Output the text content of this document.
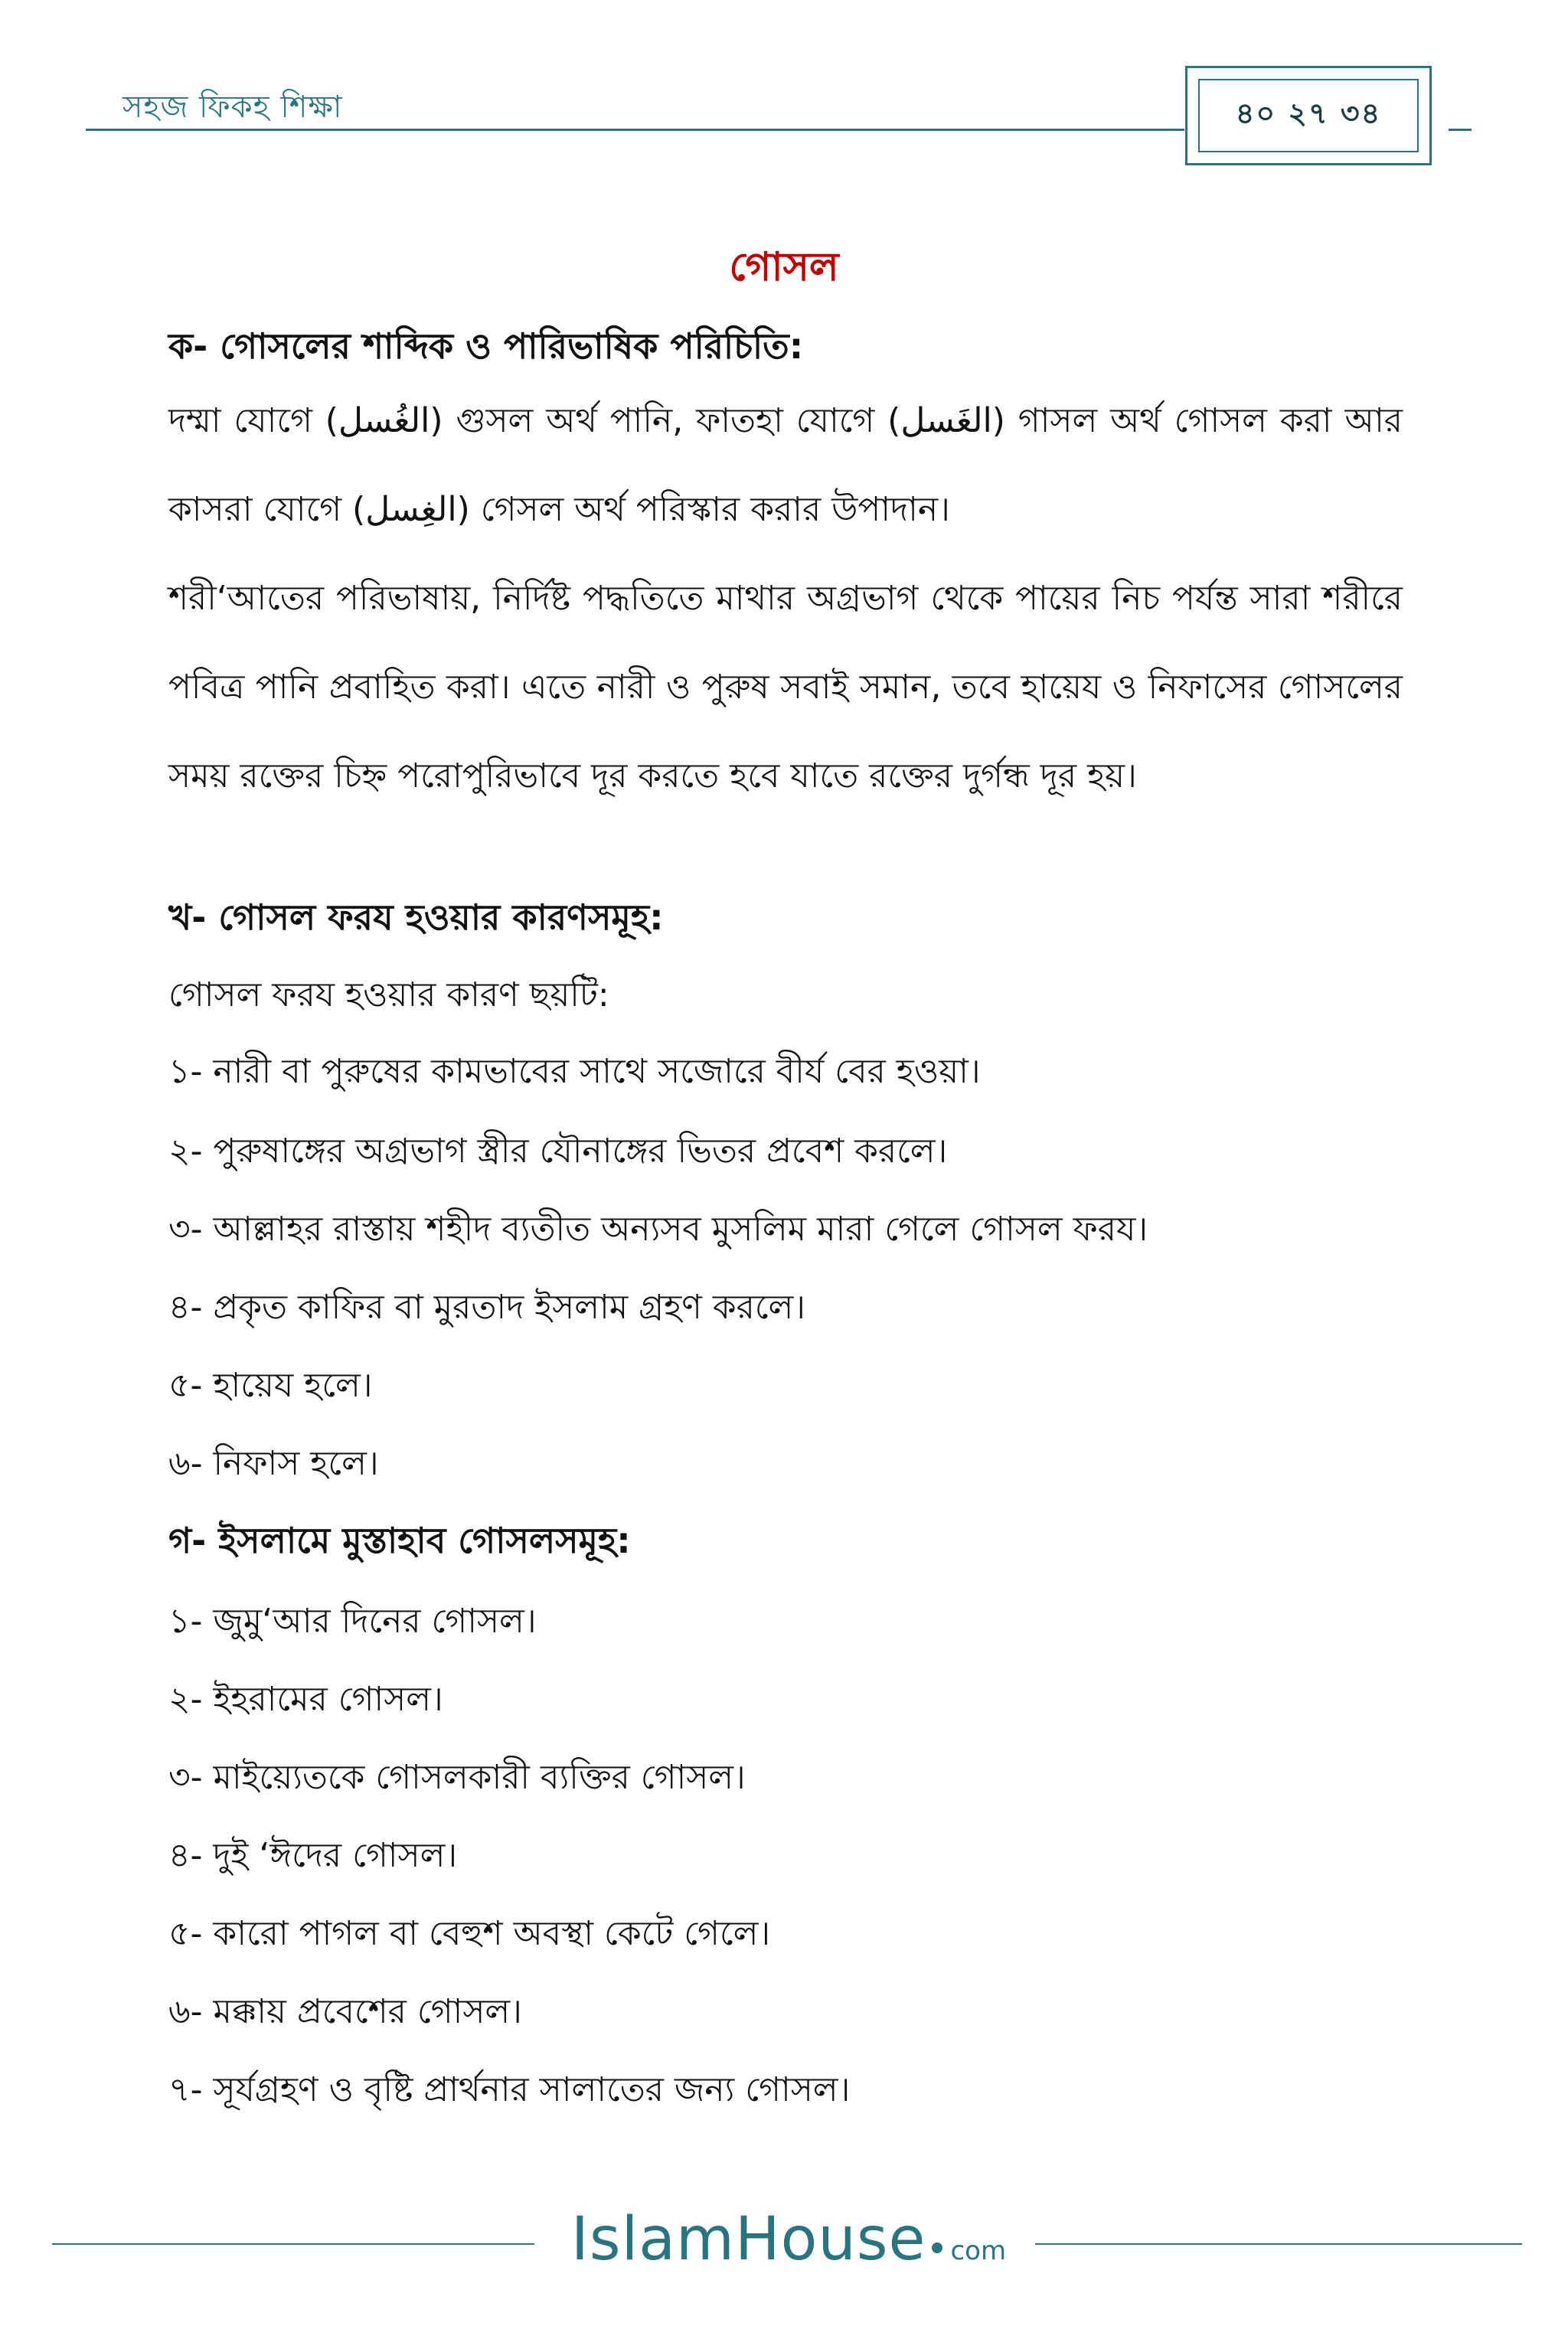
সহজ ফিকহ শিক্ষা	৪০ ২৭ ৩৪
গোসল
ক- গোসলের শাব্দিক ও পারিভাষিক পরিচিতি:
দম্মা যোগে (الغُسل) গুসল অর্থ পানি, ফাতহা যোগে (الغَسل) গাসল অর্থ গোসল করা আর কাসরা যোগে (الغِسل) গেসল অর্থ পরিস্কার করার উপাদান।
শরী‘আতের পরিভাষায়, নির্দিষ্ট পদ্ধতিতে মাথার অগ্রভাগ থেকে পায়ের নিচ পর্যন্ত সারা শরীরে পবিত্র পানি প্রবাহিত করা। এতে নারী ও পুরুষ সবাই সমান, তবে হায়েয ও নিফাসের গোসলের সময় রক্তের চিহ্ন পরোপুরিভাবে দূর করতে হবে যাতে রক্তের দুর্গন্ধ দূর হয়।
খ- গোসল ফরয হওয়ার কারণসমূহ:
গোসল ফরয হওয়ার কারণ ছয়টি:
১- নারী বা পুরুষের কামভাবের সাথে সজোরে বীর্য বের হওয়া।
২- পুরুষাঙ্গের অগ্রভাগ স্ত্রীর যৌনাঙ্গের ভিতর প্রবেশ করলে।
৩- আল্লাহর রাস্তায় শহীদ ব্যতীত অন্যসব মুসলিম মারা গেলে গোসল ফরয।
৪- প্রকৃত কাফির বা মুরতাদ ইসলাম গ্রহণ করলে।
৫- হায়েয হলে।
৬- নিফাস হলে।
গ- ইসলামে মুস্তাহাব গোসলসমূহ:
১- জুমু‘আর দিনের গোসল।
২- ইহরামের গোসল।
৩- মাইয়্যেতকে গোসলকারী ব্যক্তির গোসল।
৪- দুই ‘ঈদের গোসল।
৫- কারো পাগল বা বেহুশ অবস্থা কেটে গেলে।
৬- মক্কায় প্রবেশের গোসল।
৭- সূর্যগ্রহণ ও বৃষ্টি প্রার্থনার সালাতের জন্য গোসল।
IslamHouse com
